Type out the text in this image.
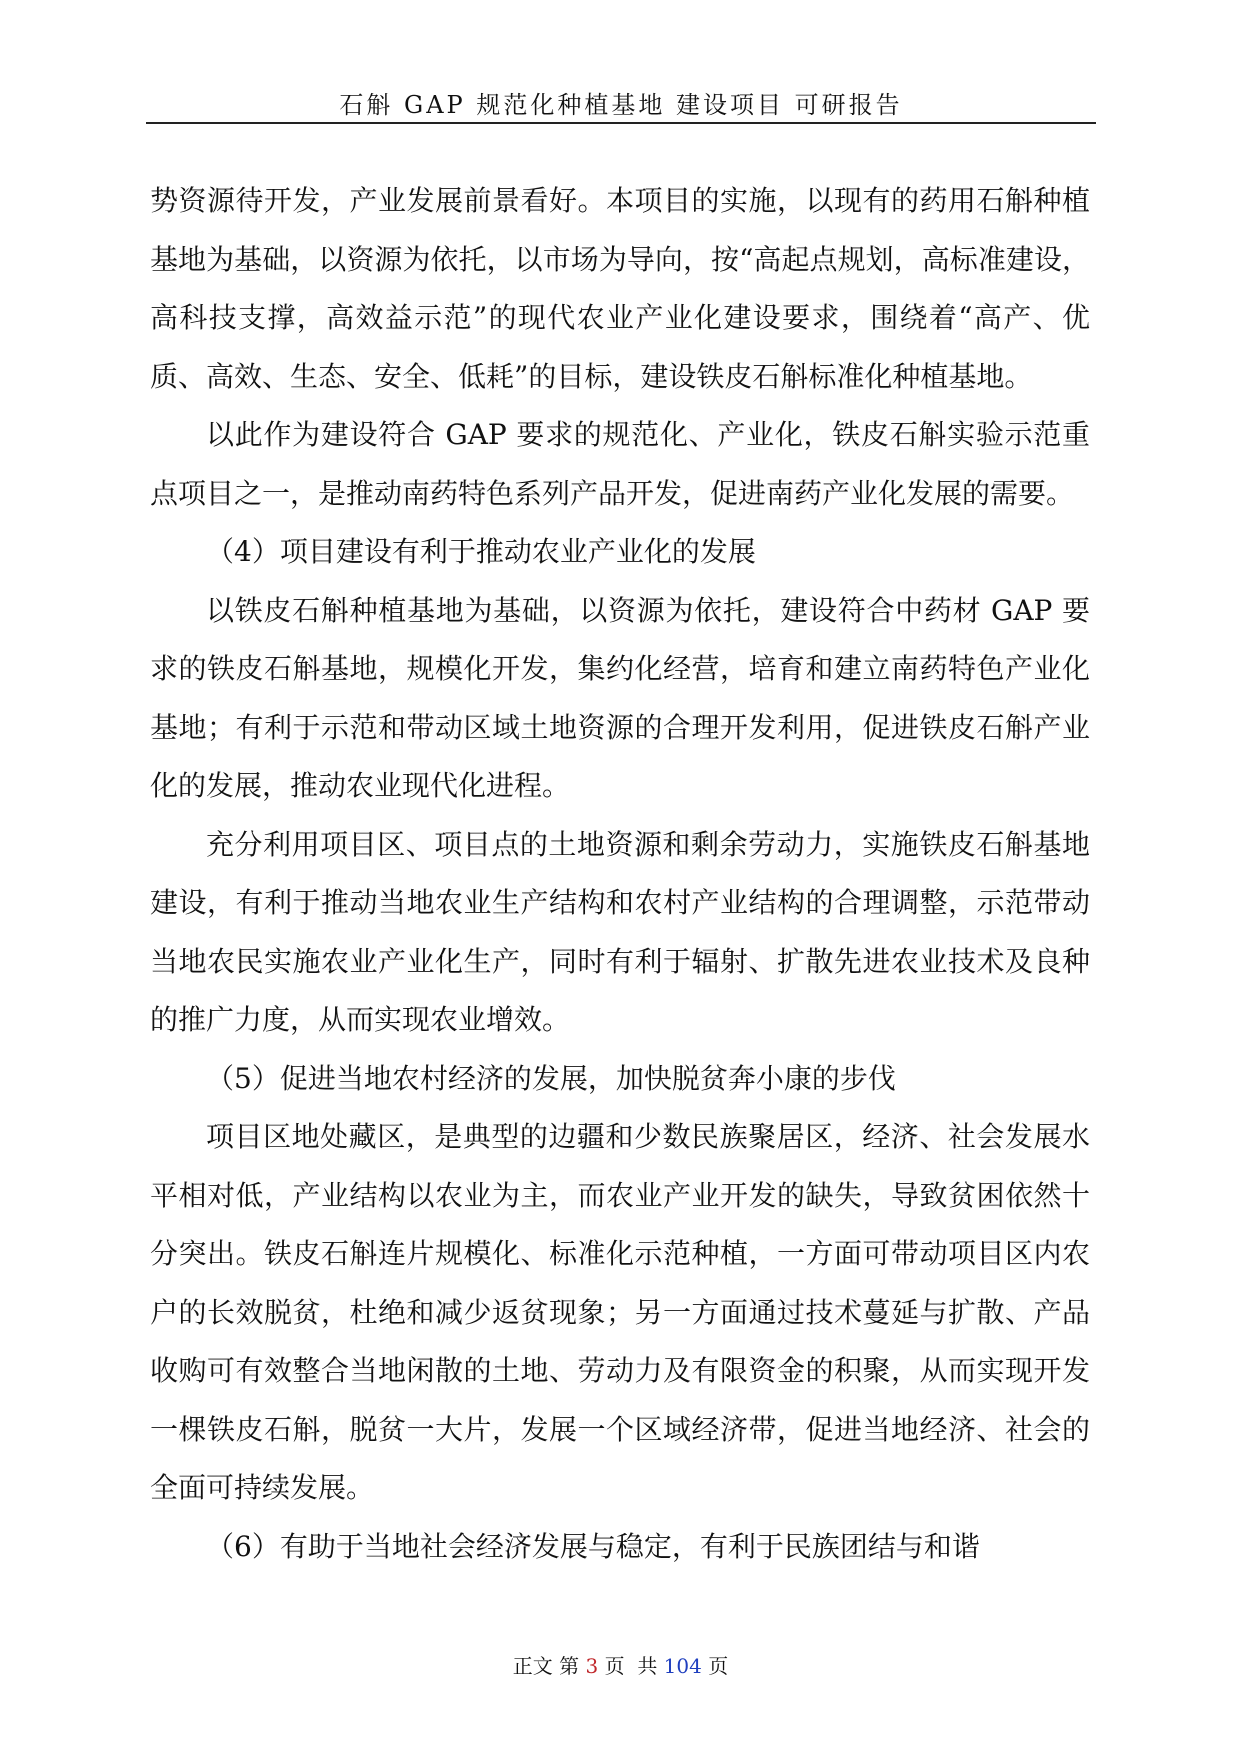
石斛 GAP 规范化种植基地 建设项目 可研报告

势资源待开发，产业发展前景看好。本项目的实施，以现有的药用石斛种植基地为基础，以资源为依托，以市场为导向，按“高起点规划，高标准建设，高科技支撑，高效益示范”的现代农业产业化建设要求，围绕着“高产、优质、高效、生态、安全、低耗”的目标，建设铁皮石斛标准化种植基地。

以此作为建设符合 GAP 要求的规范化、产业化，铁皮石斛实验示范重点项目之一，是推动南药特色系列产品开发，促进南药产业化发展的需要。

（4）项目建设有利于推动农业产业化的发展

以铁皮石斛种植基地为基础，以资源为依托，建设符合中药材 GAP 要求的铁皮石斛基地，规模化开发，集约化经营，培育和建立南药特色产业化基地；有利于示范和带动区域土地资源的合理开发利用，促进铁皮石斛产业化的发展，推动农业现代化进程。

充分利用项目区、项目点的土地资源和剩余劳动力，实施铁皮石斛基地建设，有利于推动当地农业生产结构和农村产业结构的合理调整，示范带动当地农民实施农业产业化生产，同时有利于辐射、扩散先进农业技术及良种的推广力度，从而实现农业增效。

（5）促进当地农村经济的发展，加快脱贫奔小康的步伐

项目区地处藏区，是典型的边疆和少数民族聚居区，经济、社会发展水平相对低，产业结构以农业为主，而农业产业开发的缺失，导致贫困依然十分突出。铁皮石斛连片规模化、标准化示范种植，一方面可带动项目区内农户的长效脱贫，杜绝和减少返贫现象；另一方面通过技术蔓延与扩散、产品收购可有效整合当地闲散的土地、劳动力及有限资金的积聚，从而实现开发一棵铁皮石斛，脱贫一大片，发展一个区域经济带，促进当地经济、社会的全面可持续发展。

（6）有助于当地社会经济发展与稳定，有利于民族团结与和谐

正文 第 3 页 共 104 页
